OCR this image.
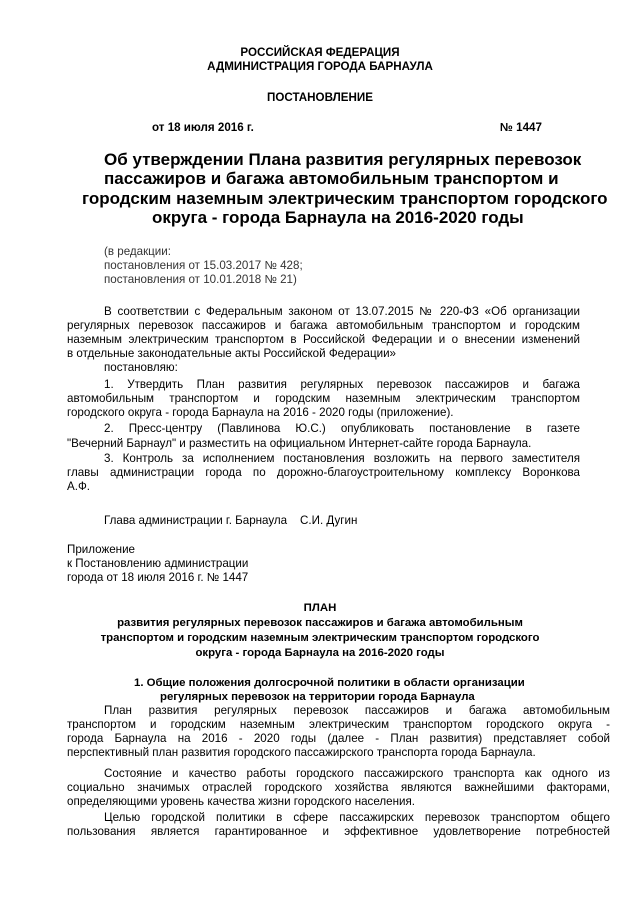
РОССИЙСКАЯ ФЕДЕРАЦИЯ
АДМИНИСТРАЦИЯ ГОРОДА БАРНАУЛА
ПОСТАНОВЛЕНИЕ
от 18 июля 2016 г.	№ 1447
Об утверждении Плана развития регулярных перевозок
пассажиров и багажа автомобильным транспортом и
городским наземным электрическим транспортом городского
округа - города Барнаула на 2016-2020 годы
(в редакции:
постановления от 15.03.2017 № 428;
постановления от 10.01.2018 № 21)
В соответствии с Федеральным законом от 13.07.2015 № 220-ФЗ «Об организации
регулярных перевозок пассажиров и багажа автомобильным транспортом и городским
наземным электрическим транспортом в Российской Федерации и о внесении изменений
в отдельные законодательные акты Российской Федерации»
постановляю:
1. Утвердить План развития регулярных перевозок пассажиров и багажа
автомобильным транспортом и городским наземным электрическим транспортом
городского округа - города Барнаула на 2016 - 2020 годы (приложение).
2. Пресс-центру (Павлинова Ю.С.) опубликовать постановление в газете
"Вечерний Барнаул" и разместить на официальном Интернет-сайте города Барнаула.
3. Контроль за исполнением постановления возложить на первого заместителя
главы администрации города по дорожно-благоустроительному комплексу Воронкова
А.Ф.
Глава администрации г. Барнаула    С.И. Дугин
Приложение
к Постановлению администрации
города от 18 июля 2016 г. № 1447
ПЛАН
развития регулярных перевозок пассажиров и багажа автомобильным
транспортом и городским наземным электрическим транспортом городского
округа - города Барнаула на 2016-2020 годы
1. Общие положения долгосрочной политики в области организации
регулярных перевозок на территории города Барнаула
План развития регулярных перевозок пассажиров и багажа автомобильным
транспортом и городским наземным электрическим транспортом городского округа -
города Барнаула на 2016 - 2020 годы (далее - План развития) представляет собой
перспективный план развития городского пассажирского транспорта города Барнаула.
Состояние и качество работы городского пассажирского транспорта как одного из
социально значимых отраслей городского хозяйства являются важнейшими факторами,
определяющими уровень качества жизни городского населения.
Целью городской политики в сфере пассажирских перевозок транспортом общего
пользования является гарантированное и эффективное удовлетворение потребностей
